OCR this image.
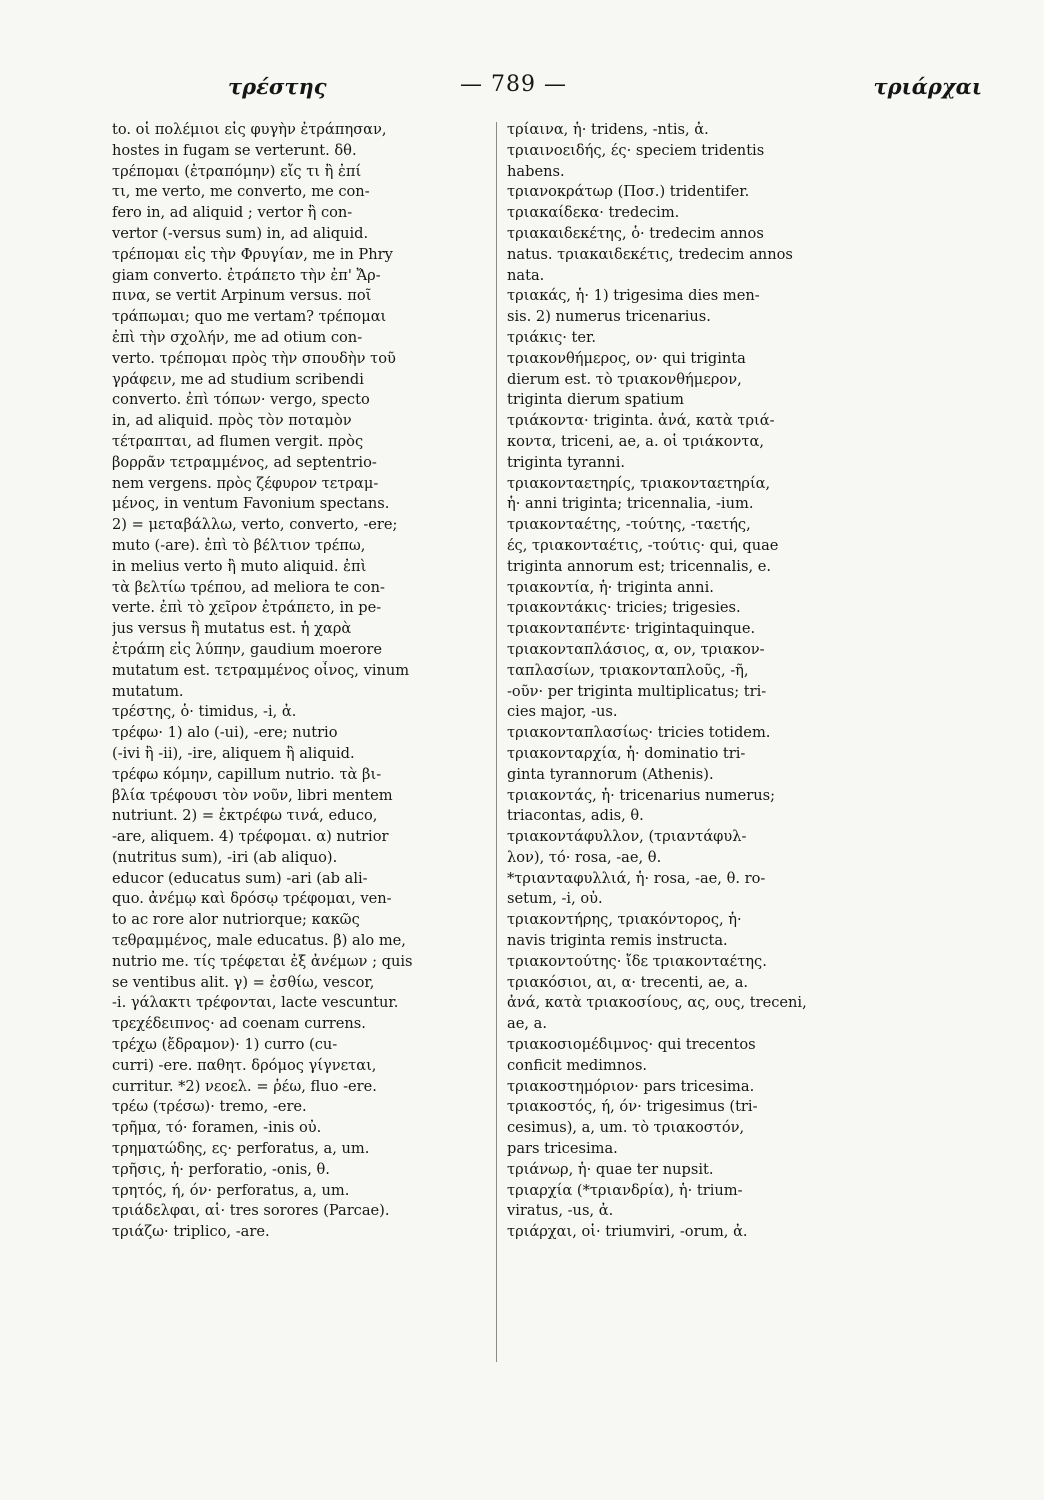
τρέστης	— 789 —	τριάρχαι
to. οἱ πολέμιοι εἰς φυγὴν ἐτράπησαν,
hostes in fugam se verterunt. δθ.
τρέπομαι (ἐτραπόμην) εἴς τι ἢ ἐπί
τι, me verto, me converto, me con-
fero in, ad aliquid ; vertor ἢ con-
vertor (-versus sum) in, ad aliquid.
τρέπομαι εἰς τὴν Φρυγίαν, me in Phry
giam converto. ἐτράπετο τὴν ἐπ' Ἄρ-
πινα, se vertit Arpinum versus. ποῖ
τράπωμαι; quo me vertam? τρέπομαι
ἐπὶ τὴν σχολήν, me ad otium con-
verto. τρέπομαι πρὸς τὴν σπουδὴν τοῦ
γράφειν, me ad studium scribendi
converto. ἐπὶ τόπων· vergo, specto
in, ad aliquid. πρὸς τὸν ποταμὸν
τέτραπται, ad flumen vergit. πρὸς
βορρᾶν τετραμμένος, ad septentrio-
nem vergens. πρὸς ζέφυρον τετραμ-
μένος, in ventum Favonium spectans.
2) = μεταβάλλω, verto, converto, -ere;
muto (-are). ἐπὶ τὸ βέλτιον τρέπω,
in melius verto ἢ muto aliquid. ἐπὶ
τὰ βελτίω τρέπου, ad meliora te con-
verte. ἐπὶ τὸ χεῖρον ἐτράπετο, in pe-
jus versus ἢ mutatus est. ἡ χαρὰ
ἐτράπη εἰς λύπην, gaudium moerore
mutatum est. τετραμμένος οἶνος, vinum
mutatum.
τρέστης, ὁ· timidus, -i, ἀ.
τρέφω· 1) alo (-ui), -ere; nutrio
(-ivi ἢ -ii), -ire, aliquem ἢ aliquid.
τρέφω κόμην, capillum nutrio. τὰ βι-
βλία τρέφουσι τὸν νοῦν, libri mentem
nutriunt. 2) = ἐκτρέφω τινά, educo,
-are, aliquem. 4) τρέφομαι. α) nutrior
(nutritus sum), -iri (ab aliquo).
educor (educatus sum) -ari (ab ali-
quo. ἀνέμῳ καὶ δρόσῳ τρέφομαι, ven-
to ac rore alor nutriorque; κακῶς
τεθραμμένος, male educatus. β) alo me,
nutrio me. τίς τρέφεται ἐξ ἀνέμων ; quis
se ventibus alit. γ) = ἐσθίω, vescor,
-i. γάλακτι τρέφονται, lacte vescuntur.
τρεχέδειπνος· ad coenam currens.
τρέχω (ἔδραμον)· 1) curro (cu-
curri) -ere. παθητ. δρόμος γίγνεται,
curritur. *2) νεοελ. = ῥέω, fluo -ere.
τρέω (τρέσω)· tremo, -ere.
τρῆμα, τό· foramen, -inis οὐ.
τρηματώδης, ες· perforatus, a, um.
τρῆσις, ἡ· perforatio, -onis, θ.
τρητός, ή, όν· perforatus, a, um.
τριάδελφαι, αἱ· tres sorores (Parcae).
τριάζω· triplico, -are.
τρίαινα, ἡ· tridens, -ntis, ἀ.
τριαινοειδής, ές· speciem tridentis
habens.
τριανοκράτωρ (Ποσ.) tridentifer.
τριακαίδεκα· tredecim.
τριακαιδεκέτης, ὁ· tredecim annos
natus. τριακαιδεκέτις, tredecim annos
nata.
τριακάς, ἡ· 1) trigesima dies men-
sis. 2) numerus tricenarius.
τριάκις· ter.
τριακονθήμερος, ον· qui triginta
dierum est. τὸ τριακονθήμερον,
triginta dierum spatium
τριάκοντα· triginta. ἀνά, κατὰ τριά-
κοντα, triceni, ae, a. οἱ τριάκοντα,
triginta tyranni.
τριακονταετηρίς, τριακονταετηρία,
ἡ· anni triginta; tricennalia, -ium.
τριακονταέτης, -τούτης, -ταετής,
ές, τριακονταέτις, -τούτις· qui, quae
triginta annorum est; tricennalis, e.
τριακοντία, ἡ· triginta anni.
τριακοντάκις· tricies; trigesies.
τριακονταπέντε· trigintaquinque.
τριακονταπλάσιος, α, ον, τριακον-
ταπλασίων, τριακονταπλοῦς, -ῆ,
-οῦν· per triginta multiplicatus; tri-
cies major, -us.
τριακονταπλασίως· tricies totidem.
τριακονταρχία, ἡ· dominatio tri-
ginta tyrannorum (Athenis).
τριακοντάς, ἡ· tricenarius numerus;
triacontas, adis, θ.
τριακοντάφυλλον, (τριαντάφυλ-
λον), τό· rosa, -ae, θ.
*τριανταφυλλιά, ἡ· rosa, -ae, θ. ro-
setum, -i, οὐ.
τριακοντήρης, τριακόντορος, ἡ·
navis triginta remis instructa.
τριακοντούτης· ἴδε τριακονταέτης.
τριακόσιοι, αι, α· trecenti, ae, a.
ἀνά, κατὰ τριακοσίους, ας, ους, treceni,
ae, a.
τριακοσιομέδιμνος· qui trecentos
conficit medimnos.
τριακοστημόριον· pars tricesima.
τριακοστός, ή, όν· trigesimus (tri-
cesimus), a, um. τὸ τριακοστόν,
pars tricesima.
τριάνωρ, ἡ· quae ter nupsit.
τριαρχία (*τριανδρία), ἡ· trium-
viratus, -us, ἀ.
τριάρχαι, οἱ· triumviri, -orum, ἀ.
